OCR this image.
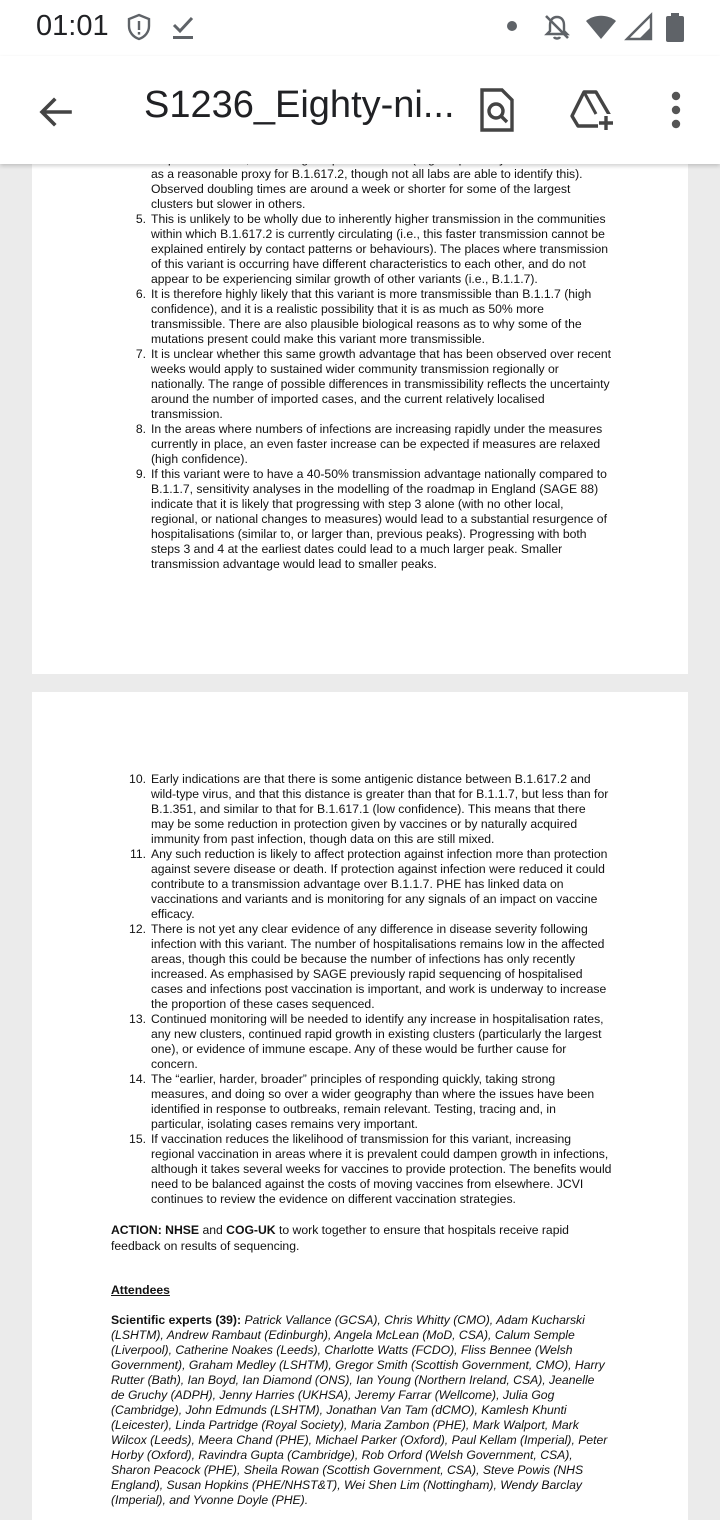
01:01
S1236_Eighty-ni...
as a reasonable proxy for B.1.617.2, though not all labs are able to identify this). Observed doubling times are around a week or shorter for some of the largest clusters but slower in others.
5. This is unlikely to be wholly due to inherently higher transmission in the communities within which B.1.617.2 is currently circulating (i.e., this faster transmission cannot be explained entirely by contact patterns or behaviours). The places where transmission of this variant is occurring have different characteristics to each other, and do not appear to be experiencing similar growth of other variants (i.e., B.1.1.7).
6. It is therefore highly likely that this variant is more transmissible than B.1.1.7 (high confidence), and it is a realistic possibility that it is as much as 50% more transmissible. There are also plausible biological reasons as to why some of the mutations present could make this variant more transmissible.
7. It is unclear whether this same growth advantage that has been observed over recent weeks would apply to sustained wider community transmission regionally or nationally. The range of possible differences in transmissibility reflects the uncertainty around the number of imported cases, and the current relatively localised transmission.
8. In the areas where numbers of infections are increasing rapidly under the measures currently in place, an even faster increase can be expected if measures are relaxed (high confidence).
9. If this variant were to have a 40-50% transmission advantage nationally compared to B.1.1.7, sensitivity analyses in the modelling of the roadmap in England (SAGE 88) indicate that it is likely that progressing with step 3 alone (with no other local, regional, or national changes to measures) would lead to a substantial resurgence of hospitalisations (similar to, or larger than, previous peaks). Progressing with both steps 3 and 4 at the earliest dates could lead to a much larger peak. Smaller transmission advantage would lead to smaller peaks.
10. Early indications are that there is some antigenic distance between B.1.617.2 and wild-type virus, and that this distance is greater than that for B.1.1.7, but less than for B.1.351, and similar to that for B.1.617.1 (low confidence). This means that there may be some reduction in protection given by vaccines or by naturally acquired immunity from past infection, though data on this are still mixed.
11. Any such reduction is likely to affect protection against infection more than protection against severe disease or death. If protection against infection were reduced it could contribute to a transmission advantage over B.1.1.7. PHE has linked data on vaccinations and variants and is monitoring for any signals of an impact on vaccine efficacy.
12. There is not yet any clear evidence of any difference in disease severity following infection with this variant. The number of hospitalisations remains low in the affected areas, though this could be because the number of infections has only recently increased. As emphasised by SAGE previously rapid sequencing of hospitalised cases and infections post vaccination is important, and work is underway to increase the proportion of these cases sequenced.
13. Continued monitoring will be needed to identify any increase in hospitalisation rates, any new clusters, continued rapid growth in existing clusters (particularly the largest one), or evidence of immune escape. Any of these would be further cause for concern.
14. The “earlier, harder, broader” principles of responding quickly, taking strong measures, and doing so over a wider geography than where the issues have been identified in response to outbreaks, remain relevant. Testing, tracing and, in particular, isolating cases remains very important.
15. If vaccination reduces the likelihood of transmission for this variant, increasing regional vaccination in areas where it is prevalent could dampen growth in infections, although it takes several weeks for vaccines to provide protection. The benefits would need to be balanced against the costs of moving vaccines from elsewhere. JCVI continues to review the evidence on different vaccination strategies.

ACTION: NHSE and COG-UK to work together to ensure that hospitals receive rapid feedback on results of sequencing.

Attendees

Scientific experts (39): Patrick Vallance (GCSA), Chris Whitty (CMO), Adam Kucharski (LSHTM), Andrew Rambaut (Edinburgh), Angela McLean (MoD, CSA), Calum Semple (Liverpool), Catherine Noakes (Leeds), Charlotte Watts (FCDO), Fliss Bennee (Welsh Government), Graham Medley (LSHTM), Gregor Smith (Scottish Government, CMO), Harry Rutter (Bath), Ian Boyd, Ian Diamond (ONS), Ian Young (Northern Ireland, CSA), Jeanelle de Gruchy (ADPH), Jenny Harries (UKHSA), Jeremy Farrar (Wellcome), Julia Gog (Cambridge), John Edmunds (LSHTM), Jonathan Van Tam (dCMO), Kamlesh Khunti (Leicester), Linda Partridge (Royal Society), Maria Zambon (PHE), Mark Walport, Mark Wilcox (Leeds), Meera Chand (PHE), Michael Parker (Oxford), Paul Kellam (Imperial), Peter Horby (Oxford), Ravindra Gupta (Cambridge), Rob Orford (Welsh Government, CSA), Sharon Peacock (PHE), Sheila Rowan (Scottish Government, CSA), Steve Powis (NHS England), Susan Hopkins (PHE/NHST&T), Wei Shen Lim (Nottingham), Wendy Barclay (Imperial), and Yvonne Doyle (PHE).
